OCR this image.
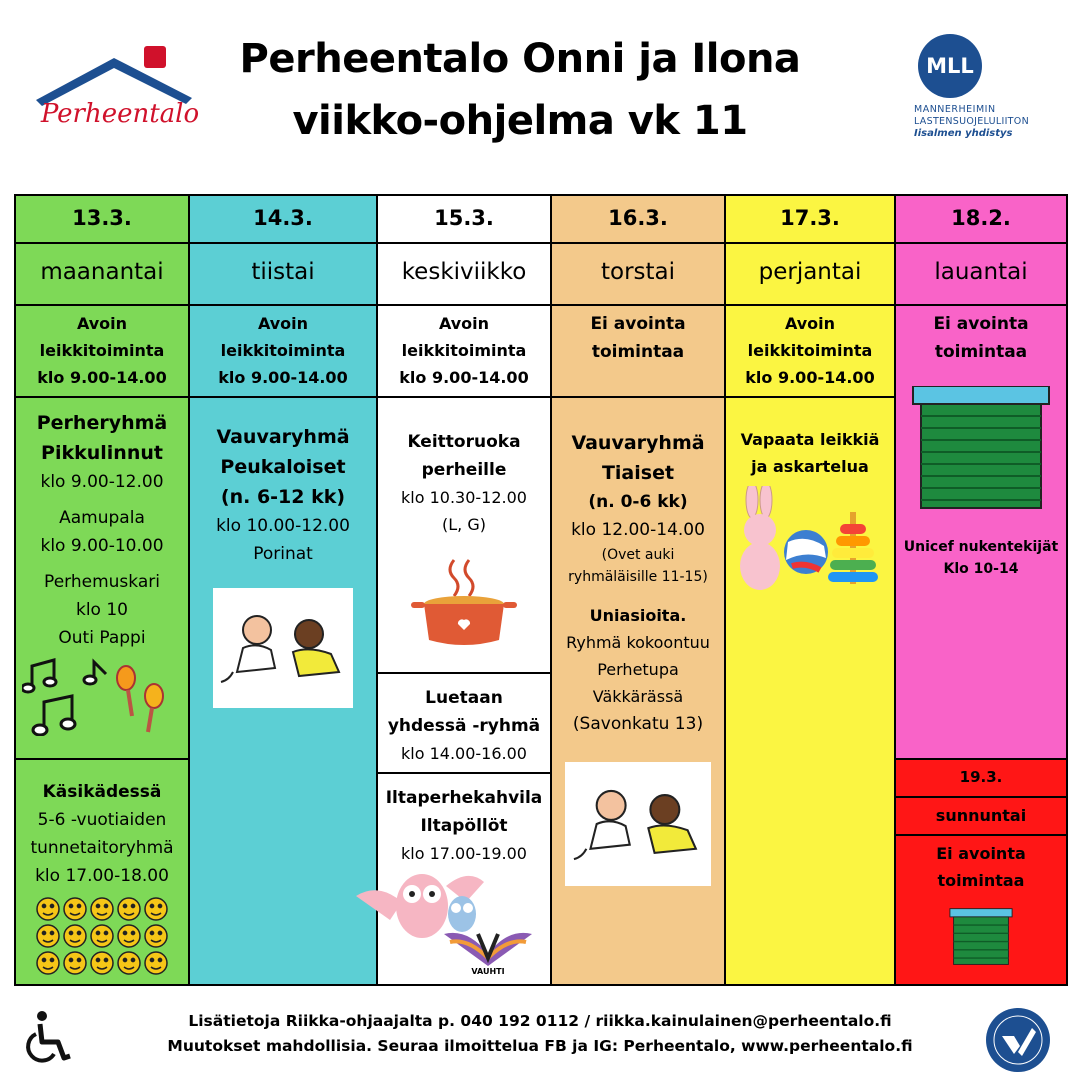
Perheentalo
Perheentalo Onni ja Ilona
viikko-ohjelma vk 11
MLL
MANNERHEIMIN
LASTENSUOJELULIITON
Iisalmen yhdistys
13.3.
maanantai
14.3.
tiistai
15.3.
keskiviikko
16.3.
torstai
17.3.
perjantai
18.2.
lauantai
Avoin
leikkitoiminta
klo 9.00-14.00
Avoin
leikkitoiminta
klo 9.00-14.00
Avoin
leikkitoiminta
klo 9.00-14.00
Ei avointa
toimintaa
Avoin
leikkitoiminta
klo 9.00-14.00
Perheryhmä
Pikkulinnut
klo 9.00-12.00
Aamupala
klo 9.00-10.00
Perhemuskari
klo 10
Outi Pappi
Käsikädessä
5-6 -vuotiaiden
tunnetaitoryhmä
klo 17.00-18.00
Vauvaryhmä
Peukaloiset
(n. 6-12 kk)
klo 10.00-12.00
Porinat
Keittoruoka
perheille
klo 10.30-12.00
(L, G)
Luetaan
yhdessä -ryhmä
klo 14.00-16.00
Iltaperhekahvila
Iltapöllöt
klo 17.00-19.00
VAUHTI
Vauvaryhmä
Tiaiset
(n. 0-6 kk)
klo 12.00-14.00
(Ovet auki
ryhmäläisille 11-15)
Uniasioita.
Ryhmä kokoontuu
Perhetupa
Väkkärässä
(Savonkatu 13)
Vapaata leikkiä
ja askartelua
Ei avointa
toimintaa
Unicef nukentekijät
Klo 10-14
19.3.
sunnuntai
Ei avointa
toimintaa
Lisätietoja Riikka-ohjaajalta p. 040 192 0112 / riikka.kainulainen@perheentalo.fi
Muutokset mahdollisia. Seuraa ilmoittelua FB ja IG: Perheentalo, www.perheentalo.fi
